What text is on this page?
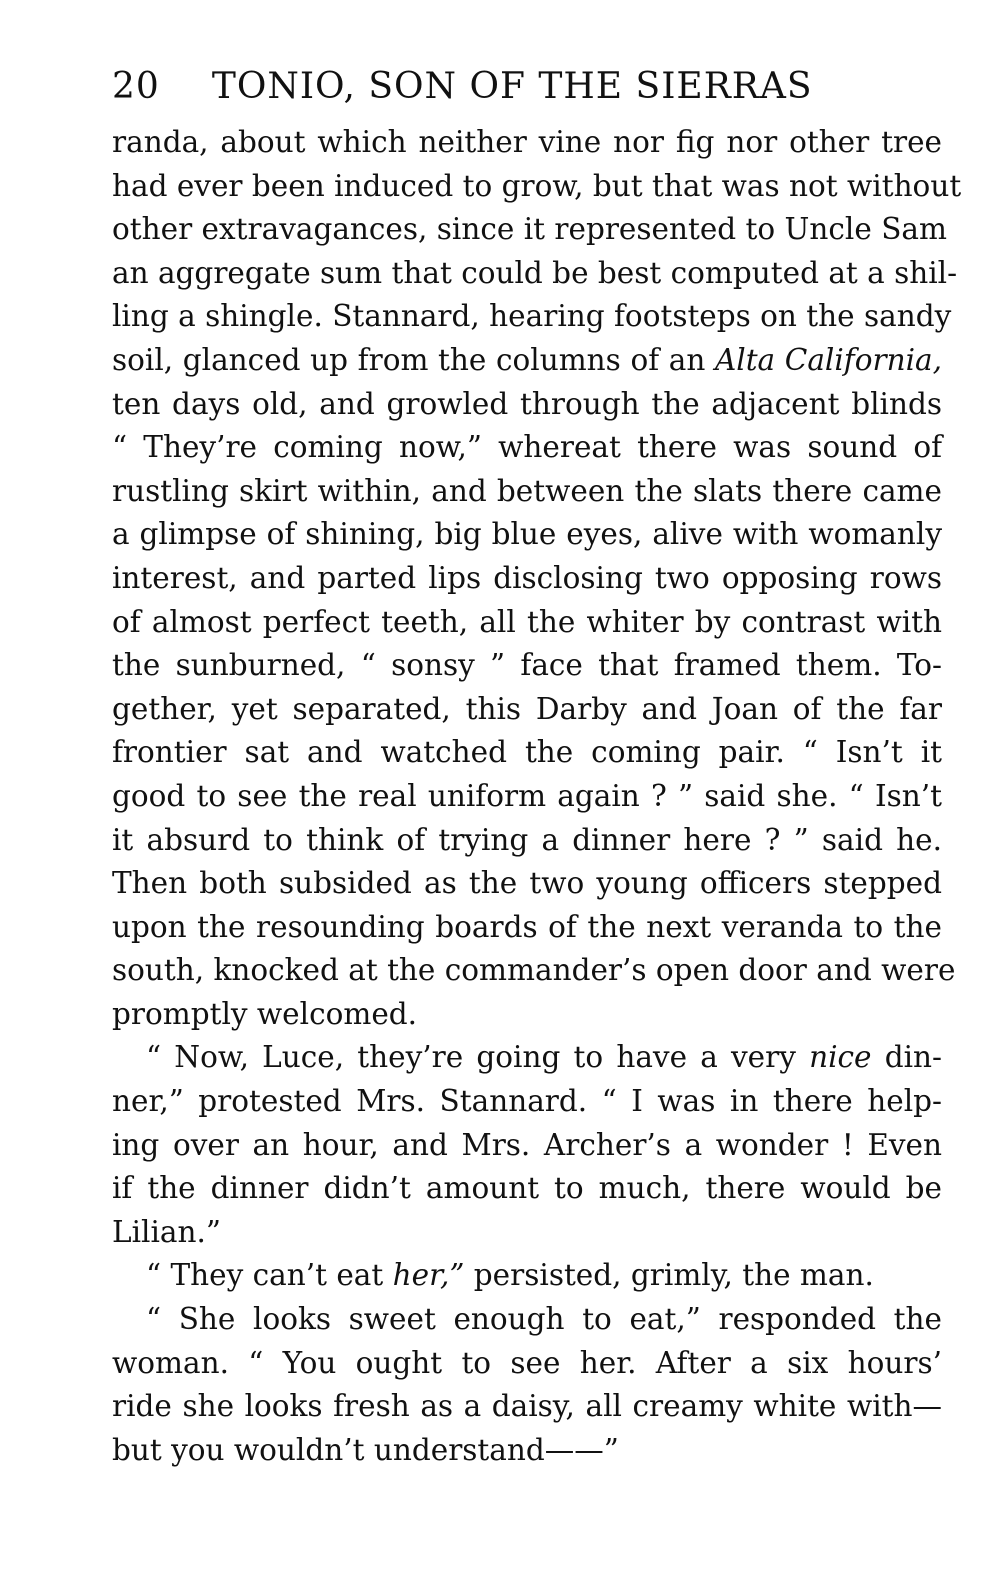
20 TONIO, SON OF THE SIERRAS
randa, about which neither vine nor fig nor other tree
had ever been induced to grow, but that was not without
other extravagances, since it represented to Uncle Sam
an aggregate sum that could be best computed at a shil-
ling a shingle. Stannard, hearing footsteps on the sandy
soil, glanced up from the columns of an Alta California,
ten days old, and growled through the adjacent blinds
“ They’re coming now,” whereat there was sound of
rustling skirt within, and between the slats there came
a glimpse of shining, big blue eyes, alive with womanly
interest, and parted lips disclosing two opposing rows
of almost perfect teeth, all the whiter by contrast with
the sunburned, “ sonsy ” face that framed them. To-
gether, yet separated, this Darby and Joan of the far
frontier sat and watched the coming pair. “ Isn’t it
good to see the real uniform again ? ” said she. “ Isn’t
it absurd to think of trying a dinner here ? ” said he.
Then both subsided as the two young officers stepped
upon the resounding boards of the next veranda to the
south, knocked at the commander’s open door and were
promptly welcomed.
“ Now, Luce, they’re going to have a very nice din-
ner,” protested Mrs. Stannard. “ I was in there help-
ing over an hour, and Mrs. Archer’s a wonder ! Even
if the dinner didn’t amount to much, there would be
Lilian.”
“ They can’t eat her,” persisted, grimly, the man.
“ She looks sweet enough to eat,” responded the
woman. “ You ought to see her. After a six hours’
ride she looks fresh as a daisy, all creamy white with—
but you wouldn’t understand——”
